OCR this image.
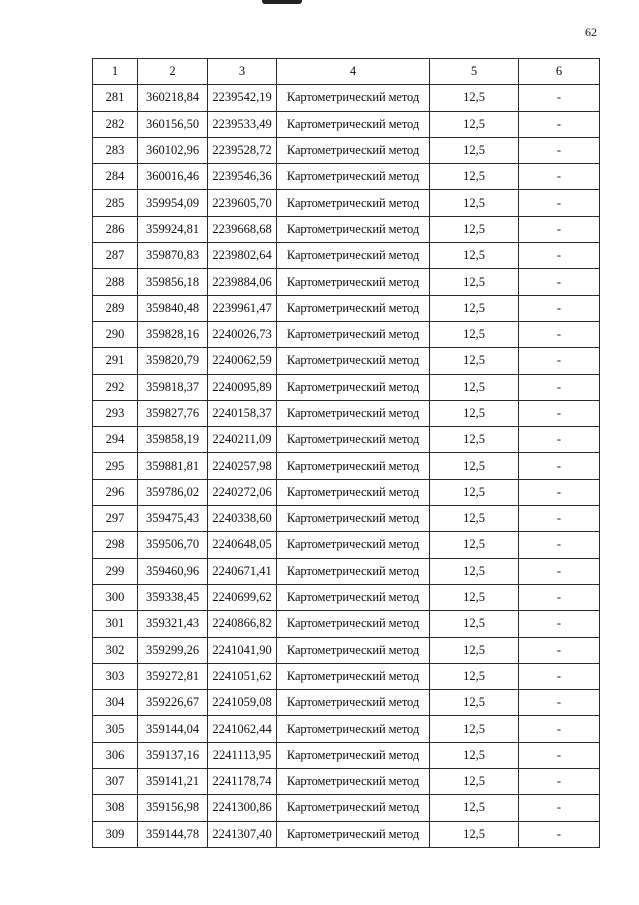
62
1	2	3	4	5	6
281	360218,84	2239542,19	Картометрический метод	12,5	-
282	360156,50	2239533,49	Картометрический метод	12,5	-
283	360102,96	2239528,72	Картометрический метод	12,5	-
284	360016,46	2239546,36	Картометрический метод	12,5	-
285	359954,09	2239605,70	Картометрический метод	12,5	-
286	359924,81	2239668,68	Картометрический метод	12,5	-
287	359870,83	2239802,64	Картометрический метод	12,5	-
288	359856,18	2239884,06	Картометрический метод	12,5	-
289	359840,48	2239961,47	Картометрический метод	12,5	-
290	359828,16	2240026,73	Картометрический метод	12,5	-
291	359820,79	2240062,59	Картометрический метод	12,5	-
292	359818,37	2240095,89	Картометрический метод	12,5	-
293	359827,76	2240158,37	Картометрический метод	12,5	-
294	359858,19	2240211,09	Картометрический метод	12,5	-
295	359881,81	2240257,98	Картометрический метод	12,5	-
296	359786,02	2240272,06	Картометрический метод	12,5	-
297	359475,43	2240338,60	Картометрический метод	12,5	-
298	359506,70	2240648,05	Картометрический метод	12,5	-
299	359460,96	2240671,41	Картометрический метод	12,5	-
300	359338,45	2240699,62	Картометрический метод	12,5	-
301	359321,43	2240866,82	Картометрический метод	12,5	-
302	359299,26	2241041,90	Картометрический метод	12,5	-
303	359272,81	2241051,62	Картометрический метод	12,5	-
304	359226,67	2241059,08	Картометрический метод	12,5	-
305	359144,04	2241062,44	Картометрический метод	12,5	-
306	359137,16	2241113,95	Картометрический метод	12,5	-
307	359141,21	2241178,74	Картометрический метод	12,5	-
308	359156,98	2241300,86	Картометрический метод	12,5	-
309	359144,78	2241307,40	Картометрический метод	12,5	-
